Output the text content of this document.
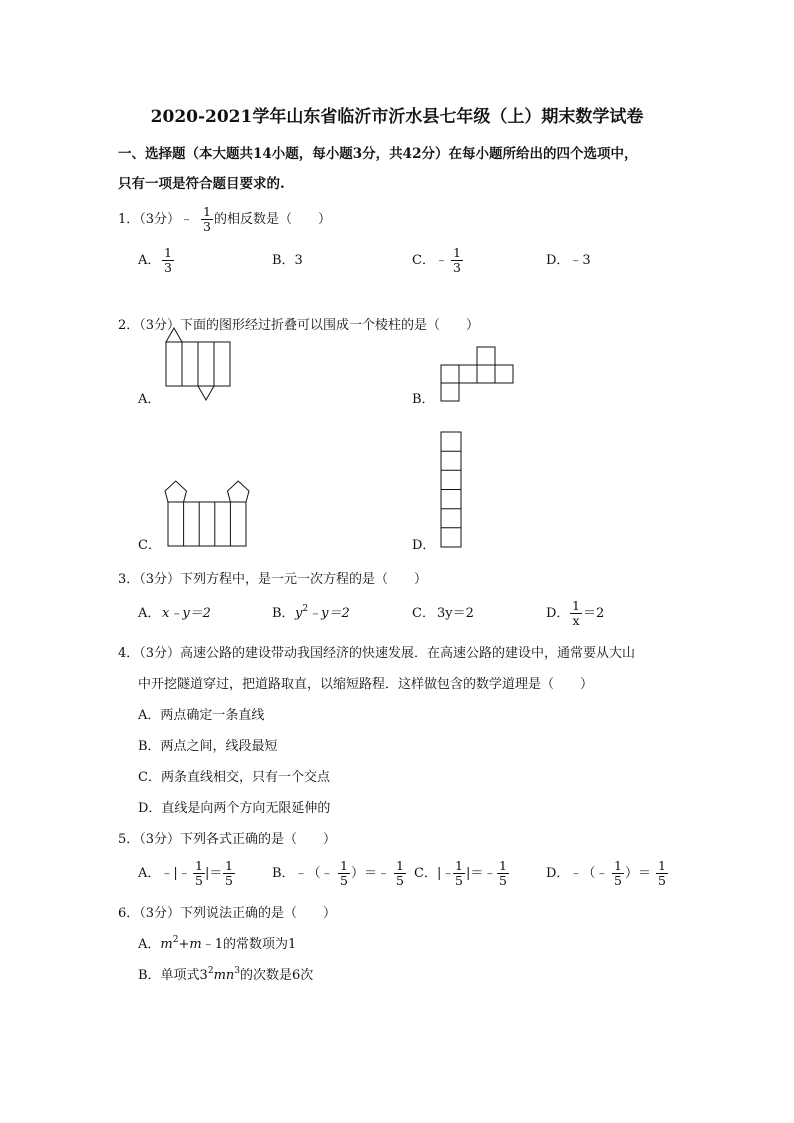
2020-2021学年山东省临沂市沂水县七年级（上）期末数学试卷
一、选择题（本大题共14小题，每小题3分，共42分）在每小题所给出的四个选项中，
只有一项是符合题目要求的.
1．（3分）﹣ $\frac{1}{3}$ 的相反数是（　　）
A． $\frac{1}{3}$	B．3	C．﹣ $\frac{1}{3}$	D．﹣3
2．（3分）下面的图形经过折叠可以围成一个棱柱的是（　　）
A．	B．
C．	D．
3．（3分）下列方程中，是一元一次方程的是（　　）
A． x﹣y＝2	B． $y^2﹣y=2$	C． 3y＝2	D． $\frac{1}{x} =2$
4．（3分）高速公路的建设带动我国经济的快速发展．在高速公路的建设中，通常要从大山
中开挖隧道穿过，把道路取直，以缩短路程．这样做包含的数学道理是（　　）
A．两点确定一条直线
B．两点之间，线段最短
C．两条直线相交，只有一个交点
D．直线是向两个方向无限延伸的
5．（3分）下列各式正确的是（　　）
A．﹣|﹣ $\frac{1}{5}$ |＝ $\frac{1}{5}$	B．﹣（﹣ $\frac{1}{5}$ ）＝﹣ $\frac{1}{5}$ C．|﹣
$\frac{1}{5}$ |＝﹣ $\frac{1}{5}$	D．﹣（﹣ $\frac{1}{5}$ ）＝ $\frac{1}{5}$
6．（3分）下列说法正确的是（　　）
A．$m^2+m﹣1$的常数项为1
B．单项式$3^2mn^3$的次数是6次
